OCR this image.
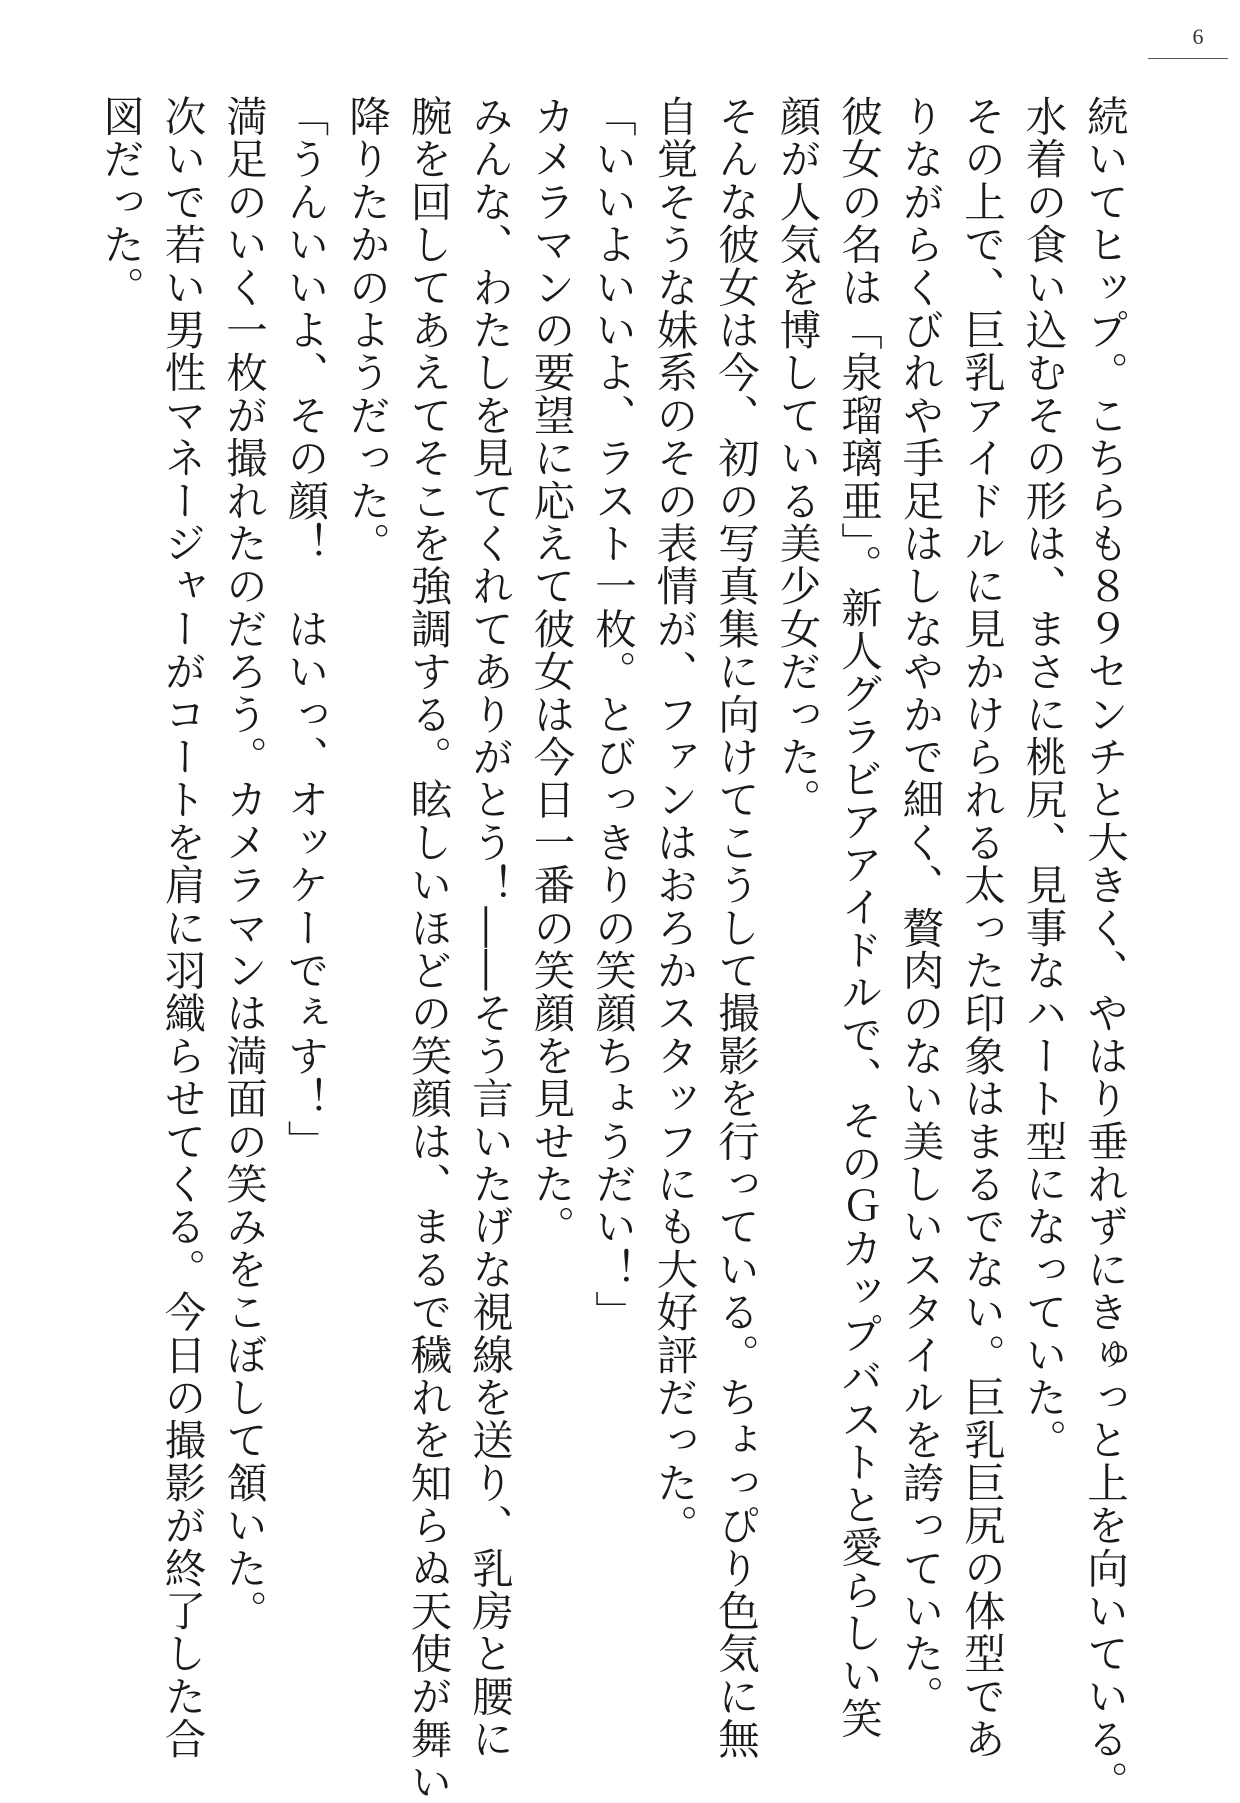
6

続いてヒップ。こちらも８９センチと大きく、やはり垂れずにきゅっと上を向いている。

水着の食い込むその形は、まさに桃尻、見事なハート型になっていた。

その上で、巨乳アイドルに見かけられる太った印象はまるでない。巨乳巨尻の体型であ

りながらくびれや手足はしなやかで細く、贅肉のない美しいスタイルを誇っていた。

彼女の名は「泉瑠璃亜」。新人グラビアアイドルで、そのＧカップバストと愛らしい笑

顔が人気を博している美少女だった。

そんな彼女は今、初の写真集に向けてこうして撮影を行っている。ちょっぴり色気に無

自覚そうな妹系のその表情が、ファンはおろかスタッフにも大好評だった。

「いいよいいよ、ラスト一枚。とびっきりの笑顔ちょうだい！」

カメラマンの要望に応えて彼女は今日一番の笑顔を見せた。

みんな、わたしを見てくれてありがとう！――そう言いたげな視線を送り、乳房と腰に

腕を回してあえてそこを強調する。眩しいほどの笑顔は、まるで穢れを知らぬ天使が舞い

降りたかのようだった。

「うんいいよ、その顔！　はいっ、オッケーでぇす！」

満足のいく一枚が撮れたのだろう。カメラマンは満面の笑みをこぼして頷いた。

次いで若い男性マネージャーがコートを肩に羽織らせてくる。今日の撮影が終了した合

図だった。
